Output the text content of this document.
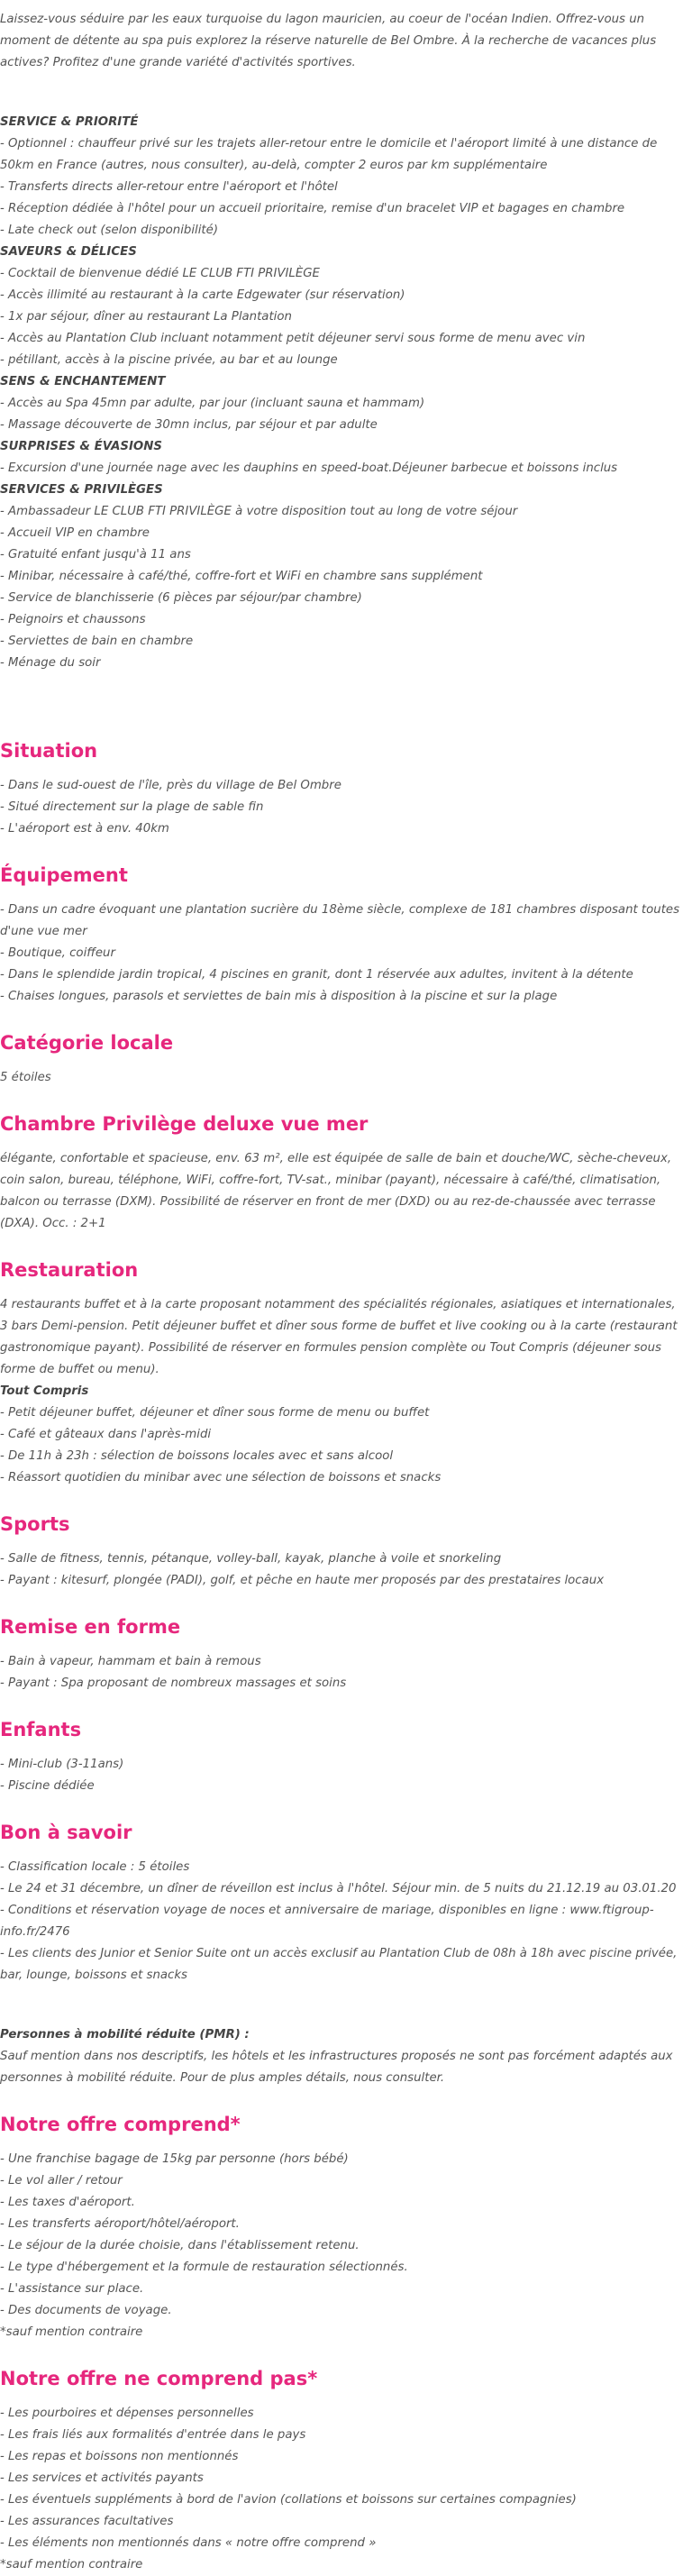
Laissez-vous séduire par les eaux turquoise du lagon mauricien, au coeur de l'océan Indien. Offrez-vous un moment de détente au spa puis explorez la réserve naturelle de Bel Ombre. À la recherche de vacances plus actives? Profitez d'une grande variété d'activités sportives.

SERVICE & PRIORITÉ
- Optionnel : chauffeur privé sur les trajets aller-retour entre le domicile et l'aéroport limité à une distance de 50km en France (autres, nous consulter), au-delà, compter 2 euros par km supplémentaire
- Transferts directs aller-retour entre l'aéroport et l'hôtel
- Réception dédiée à l'hôtel pour un accueil prioritaire, remise d'un bracelet VIP et bagages en chambre
- Late check out (selon disponibilité)
SAVEURS & DÉLICES
- Cocktail de bienvenue dédié LE CLUB FTI PRIVILÈGE
- Accès illimité au restaurant à la carte Edgewater (sur réservation)
- 1x par séjour, dîner au restaurant La Plantation
- Accès au Plantation Club incluant notamment petit déjeuner servi sous forme de menu avec vin
- pétillant, accès à la piscine privée, au bar et au lounge
SENS & ENCHANTEMENT
- Accès au Spa 45mn par adulte, par jour (incluant sauna et hammam)
- Massage découverte de 30mn inclus, par séjour et par adulte
SURPRISES & ÉVASIONS
- Excursion d'une journée nage avec les dauphins en speed-boat.Déjeuner barbecue et boissons inclus
SERVICES & PRIVILÈGES
- Ambassadeur LE CLUB FTI PRIVILÈGE à votre disposition tout au long de votre séjour
- Accueil VIP en chambre
- Gratuité enfant jusqu'à 11 ans
- Minibar, nécessaire à café/thé, coffre-fort et WiFi en chambre sans supplément
- Service de blanchisserie (6 pièces par séjour/par chambre)
- Peignoirs et chaussons
- Serviettes de bain en chambre
- Ménage du soir
Situation
- Dans le sud-ouest de l'île, près du village de Bel Ombre
- Situé directement sur la plage de sable fin
- L'aéroport est à env. 40km
Équipement
- Dans un cadre évoquant une plantation sucrière du 18ème siècle, complexe de 181 chambres disposant toutes d'une vue mer
- Boutique, coiffeur
- Dans le splendide jardin tropical, 4 piscines en granit, dont 1 réservée aux adultes, invitent à la détente
- Chaises longues, parasols et serviettes de bain mis à disposition à la piscine et sur la plage
Catégorie locale

5 étoiles

Chambre Privilège deluxe vue mer

élégante, confortable et spacieuse, env. 63 m², elle est équipée de salle de bain et douche/WC, sèche-cheveux, coin salon, bureau, téléphone, WiFi, coffre-fort, TV-sat., minibar (payant), nécessaire à café/thé, climatisation, balcon ou terrasse (DXM). Possibilité de réserver en front de mer (DXD) ou au rez-de-chaussée avec terrasse (DXA). Occ. : 2+1

Restauration

4 restaurants buffet et à la carte proposant notamment des spécialités régionales, asiatiques et internationales, 3 bars Demi-pension. Petit déjeuner buffet et dîner sous forme de buffet et live cooking ou à la carte (restaurant gastronomique payant). Possibilité de réserver en formules pension complète ou Tout Compris (déjeuner sous forme de buffet ou menu).

Tout Compris
- Petit déjeuner buffet, déjeuner et dîner sous forme de menu ou buffet
- Café et gâteaux dans l'après-midi
- De 11h à 23h : sélection de boissons locales avec et sans alcool
- Réassort quotidien du minibar avec une sélection de boissons et snacks
Sports
- Salle de fitness, tennis, pétanque, volley-ball, kayak, planche à voile et snorkeling
- Payant : kitesurf, plongée (PADI), golf, et pêche en haute mer proposés par des prestataires locaux
Remise en forme
- Bain à vapeur, hammam et bain à remous
- Payant : Spa proposant de nombreux massages et soins
Enfants
- Mini-club (3-11ans)
- Piscine dédiée
Bon à savoir
- Classification locale : 5 étoiles
- Le 24 et 31 décembre, un dîner de réveillon est inclus à l'hôtel. Séjour min. de 5 nuits du 21.12.19 au 03.01.20
- Conditions et réservation voyage de noces et anniversaire de mariage, disponibles en ligne : www.ftigroup-info.fr/2476
- Les clients des Junior et Senior Suite ont un accès exclusif au Plantation Club de 08h à 18h avec piscine privée, bar, lounge, boissons et snacks
Personnes à mobilité réduite (PMR) :

Sauf mention dans nos descriptifs, les hôtels et les infrastructures proposés ne sont pas forcément adaptés aux personnes à mobilité réduite. Pour de plus amples détails, nous consulter.

Notre offre comprend*
- Une franchise bagage de 15kg par personne (hors bébé)
- Le vol aller / retour
- Les taxes d'aéroport.
- Les transferts aéroport/hôtel/aéroport.
- Le séjour de la durée choisie, dans l'établissement retenu.
- Le type d'hébergement et la formule de restauration sélectionnés.
- L'assistance sur place.
- Des documents de voyage.
*sauf mention contraire
Notre offre ne comprend pas*
- Les pourboires et dépenses personnelles
- Les frais liés aux formalités d'entrée dans le pays
- Les repas et boissons non mentionnés
- Les services et activités payants
- Les éventuels suppléments à bord de l'avion (collations et boissons sur certaines compagnies)
- Les assurances facultatives
- Les éléments non mentionnés dans « notre offre comprend »
*sauf mention contraire
